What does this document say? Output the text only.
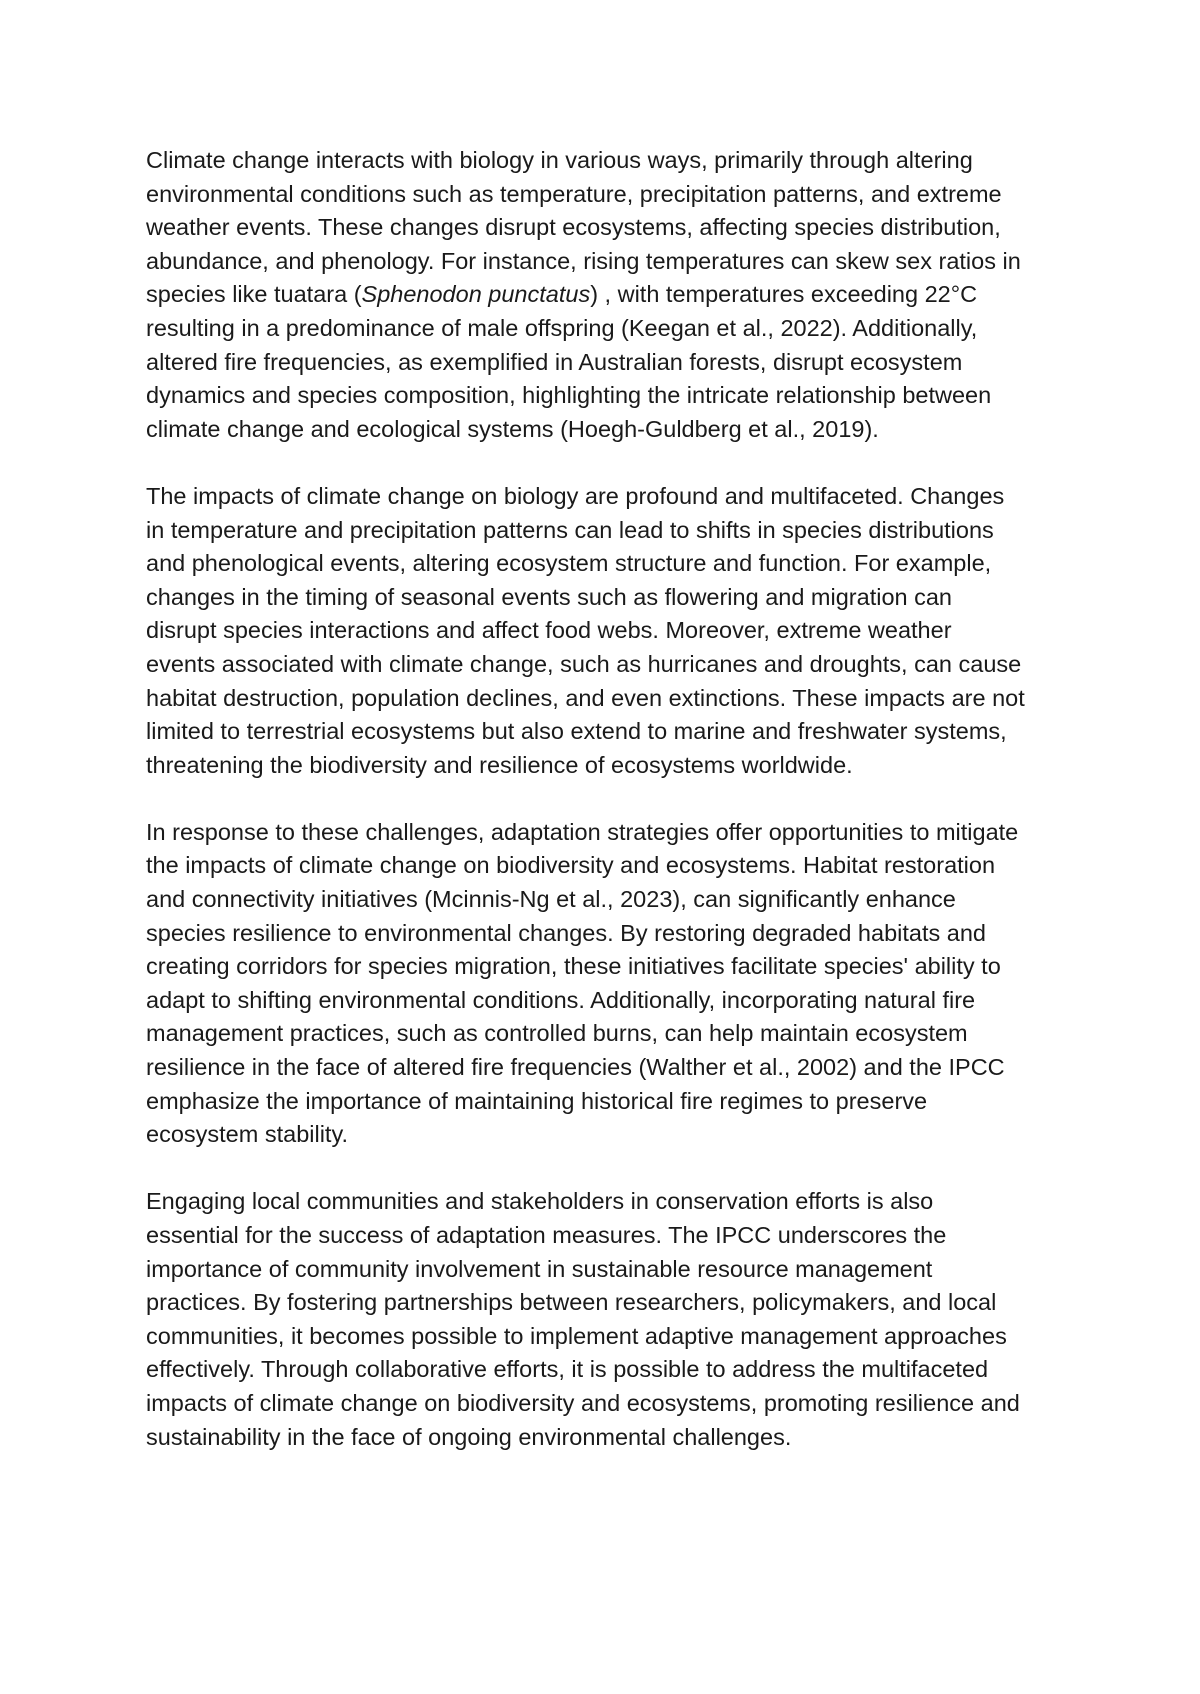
Climate change interacts with biology in various ways, primarily through altering
environmental conditions such as temperature, precipitation patterns, and extreme
weather events. These changes disrupt ecosystems, affecting species distribution,
abundance, and phenology. For instance, rising temperatures can skew sex ratios in
species like tuatara (Sphenodon punctatus) , with temperatures exceeding 22°C
resulting in a predominance of male offspring (Keegan et al., 2022). Additionally,
altered fire frequencies, as exemplified in Australian forests, disrupt ecosystem
dynamics and species composition, highlighting the intricate relationship between
climate change and ecological systems (Hoegh-Guldberg et al., 2019).

The impacts of climate change on biology are profound and multifaceted. Changes
in temperature and precipitation patterns can lead to shifts in species distributions
and phenological events, altering ecosystem structure and function. For example,
changes in the timing of seasonal events such as flowering and migration can
disrupt species interactions and affect food webs. Moreover, extreme weather
events associated with climate change, such as hurricanes and droughts, can cause
habitat destruction, population declines, and even extinctions. These impacts are not
limited to terrestrial ecosystems but also extend to marine and freshwater systems,
threatening the biodiversity and resilience of ecosystems worldwide.

In response to these challenges, adaptation strategies offer opportunities to mitigate
the impacts of climate change on biodiversity and ecosystems. Habitat restoration
and connectivity initiatives (Mcinnis-Ng et al., 2023), can significantly enhance
species resilience to environmental changes. By restoring degraded habitats and
creating corridors for species migration, these initiatives facilitate species' ability to
adapt to shifting environmental conditions. Additionally, incorporating natural fire
management practices, such as controlled burns, can help maintain ecosystem
resilience in the face of altered fire frequencies (Walther et al., 2002) and the IPCC
emphasize the importance of maintaining historical fire regimes to preserve
ecosystem stability.

Engaging local communities and stakeholders in conservation efforts is also
essential for the success of adaptation measures. The IPCC underscores the
importance of community involvement in sustainable resource management
practices. By fostering partnerships between researchers, policymakers, and local
communities, it becomes possible to implement adaptive management approaches
effectively. Through collaborative efforts, it is possible to address the multifaceted
impacts of climate change on biodiversity and ecosystems, promoting resilience and
sustainability in the face of ongoing environmental challenges.
